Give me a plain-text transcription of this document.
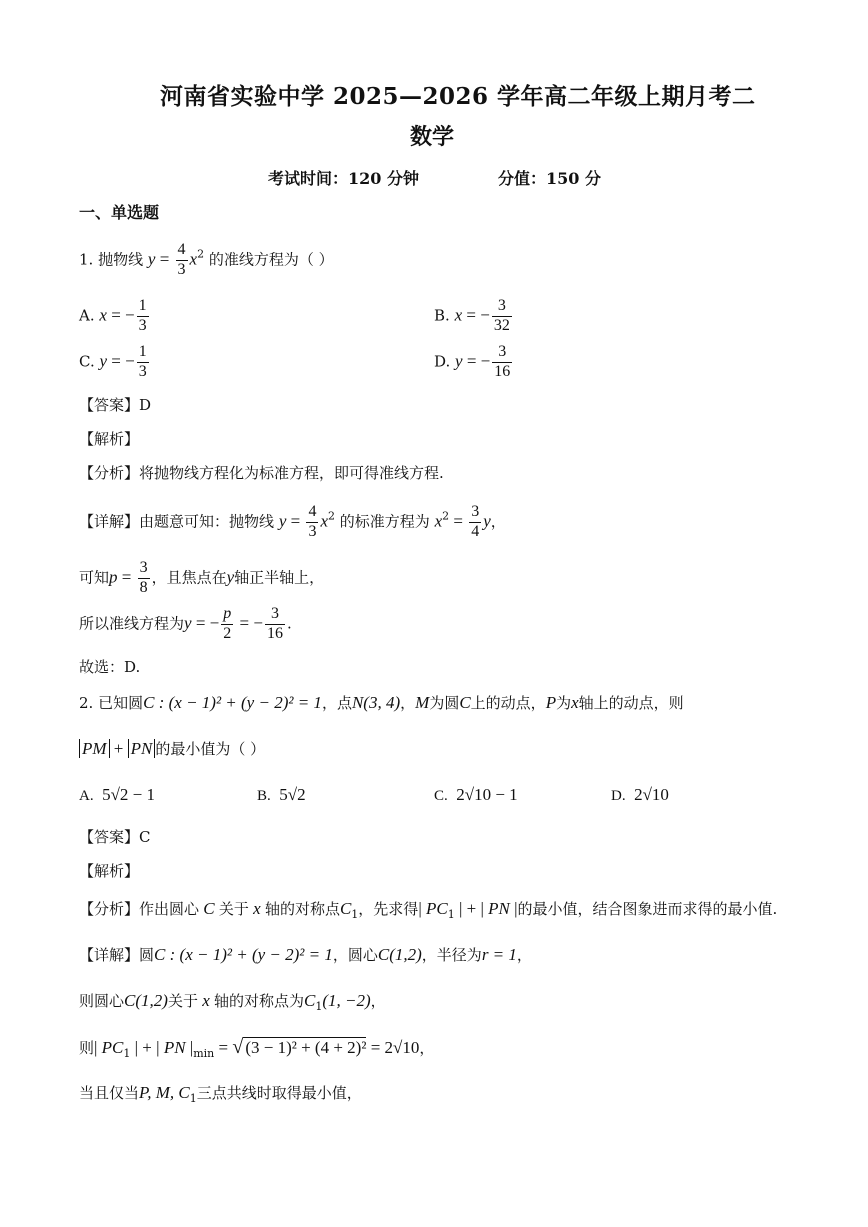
河南省实验中学 2025—2026 学年高二年级上期月考二
数学
考试时间：120 分钟	分值：150 分
一、单选题
1. 抛物线 $y = \frac{4}{3} x^2$ 的准线方程为（ ）
A. x = − $\frac{1}{3}$	B. x = − $\frac{3}{32}$
C. y = − $\frac{1}{3}$	D. y = − $\frac{3}{16}$
【答案】D
【解析】
【分析】将抛物线方程化为标准方程，即可得准线方程.
【详解】由题意可知：抛物线 $y = \frac{4}{3} x^2$ 的标准方程为 $x^2 = \frac{3}{4}$ y，
可知$p = \frac{3}{8}$ ，且焦点在y轴正半轴上，
所以准线方程为y = − $\frac{p}{2}$ = − $\frac{3}{16}$ .
故选：D.
2. 已知圆C : (x − 1)² + (y − 2)² = 1，点N(3, 4)，M为圆C上的动点，P为x轴上的动点，则
PM + PN 的最小值为（ ）
A. 5√2 − 1	B. 5√2	C. 2√10 − 1	D. 2√10
【答案】C
【解析】
【分析】作出圆心 C 关于 x 轴的对称点$C_1$，先求得| $PC_1$ | + | PN |的最小值，结合图象进而求得的最小值.
【详解】圆C : (x − 1)² + (y − 2)² = 1，圆心C(1,2)，半径为r = 1，
则圆心C(1,2)关于 x 轴的对称点为$C_1(1$, −2)，
则| $PC_1$ | + | PN $|_{min}$ = √ (3 − 1)² + (4 + 2)² = 2√10，
当且仅当P, M, $C_1$三点共线时取得最小值，
